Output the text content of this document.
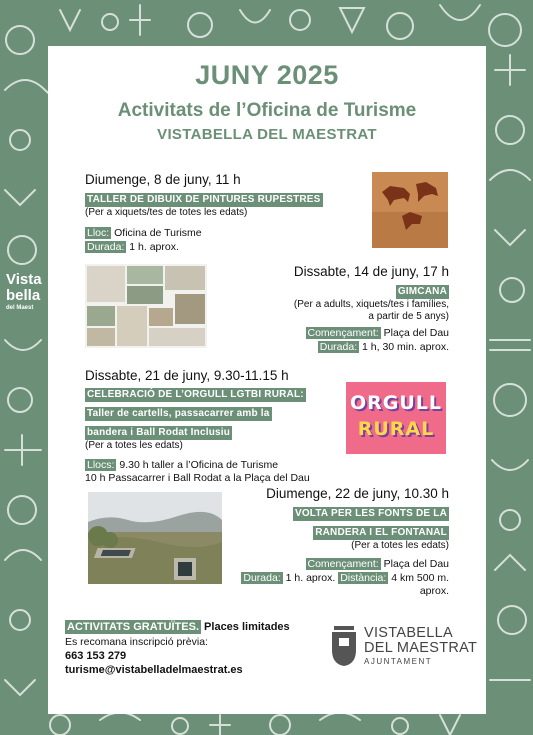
Vista
bella
del Maest
JUNY 2025
Activitats de l’Oficina de Turisme
VISTABELLA DEL MAESTRAT
Diumenge, 8 de juny, 11 h
TALLER DE DIBUIX DE PINTURES RUPESTRES
(Per a xiquets/tes de totes les edats)
Lloc: Oficina de Turisme
Durada: 1 h. aprox.
Dissabte, 14 de juny, 17 h
GIMCANA
(Per a adults, xiquets/tes i famílies,
a partir de 5 anys)
Començament: Plaça del Dau
Durada: 1 h, 30 min. aprox.
Dissabte, 21 de juny, 9.30-11.15 h
CELEBRACIÓ DE L’ORGULL LGTBI RURAL:
Taller de cartells, passacarrer amb la
bandera i Ball Rodat Inclusiu
(Per a totes les edats)
Llocs: 9.30 h taller a l’Oficina de Turisme
10 h Passacarrer i Ball Rodat a la Plaça del Dau
ORGULL
RURAL
Diumenge, 22 de juny, 10.30 h
VOLTA PER LES FONTS DE LA
RANDERA I EL FONTANAL
(Per a totes les edats)
Començament: Plaça del Dau
Durada: 1 h. aprox. Distància: 4 km 500 m.
aprox.
ACTIVITATS GRATUÏTES. Places limitades
Es recomana inscripció prèvia:
663 153 279
turisme@vistabelladelmaestrat.es
VISTABELLA
DEL MAESTRAT
AJUNTAMENT
